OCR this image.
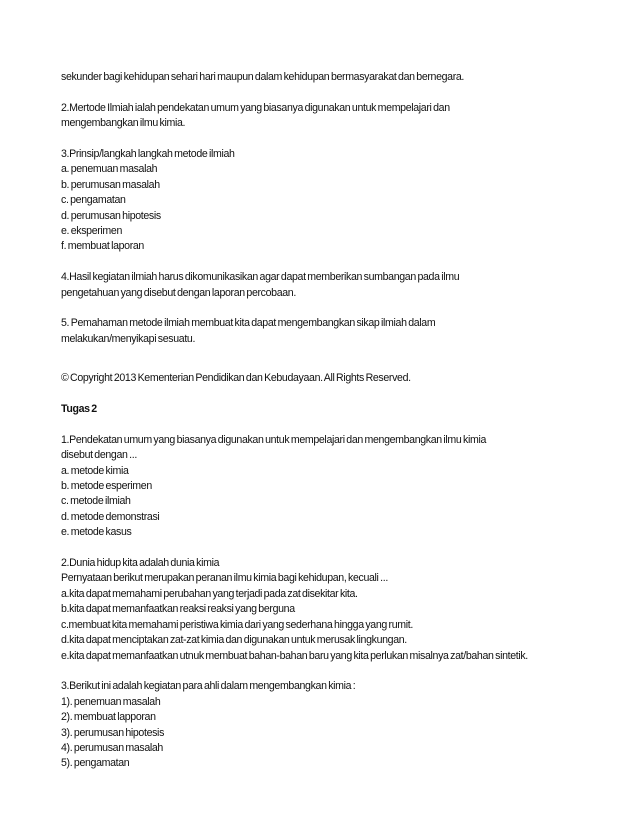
sekunder bagi kehidupan sehari hari maupun dalam kehidupan bermasyarakat dan bernegara.
2.Mertode Ilmiah ialah pendekatan umum yang biasanya digunakan untuk mempelajari dan
mengembangkan ilmu kimia.
3.Prinsip/langkah langkah metode ilmiah
a. penemuan masalah
b. perumusan masalah
c. pengamatan
d. perumusan hipotesis
e. eksperimen
f. membuat laporan
4.Hasil kegiatan ilmiah harus dikomunikasikan agar dapat memberikan sumbangan pada ilmu
pengetahuan yang disebut dengan laporan percobaan.
5. Pemahaman metode ilmiah membuat kita dapat mengembangkan sikap ilmiah dalam
melakukan/menyikapi sesuatu.
© Copyright 2013 Kementerian Pendidikan dan Kebudayaan. All Rights Reserved.
Tugas 2
1.Pendekatan umum yang biasanya digunakan untuk mempelajari dan mengembangkan ilmu kimia
disebut dengan ...
a. metode kimia
b. metode esperimen
c. metode ilmiah
d. metode demonstrasi
e. metode kasus
2.Dunia hidup kita adalah dunia kimia
Pernyataan berikut merupakan peranan ilmu kimia bagi kehidupan, kecuali ...
a.kita dapat memahami perubahan yang terjadi pada zat disekitar kita.
b.kita dapat memanfaatkan reaksi reaksi yang berguna
c.membuat kita memahami peristiwa kimia dari yang sederhana hingga yang rumit.
d.kita dapat menciptakan zat-zat kimia dan digunakan untuk merusak lingkungan.
e.kita dapat memanfaatkan utnuk membuat bahan-bahan baru yang kita perlukan misalnya zat/bahan sintetik.
3.Berikut ini adalah kegiatan para ahli dalam mengembangkan kimia :
1). penemuan masalah
2). membuat lapporan
3). perumusan hipotesis
4). perumusan masalah
5). pengamatan
